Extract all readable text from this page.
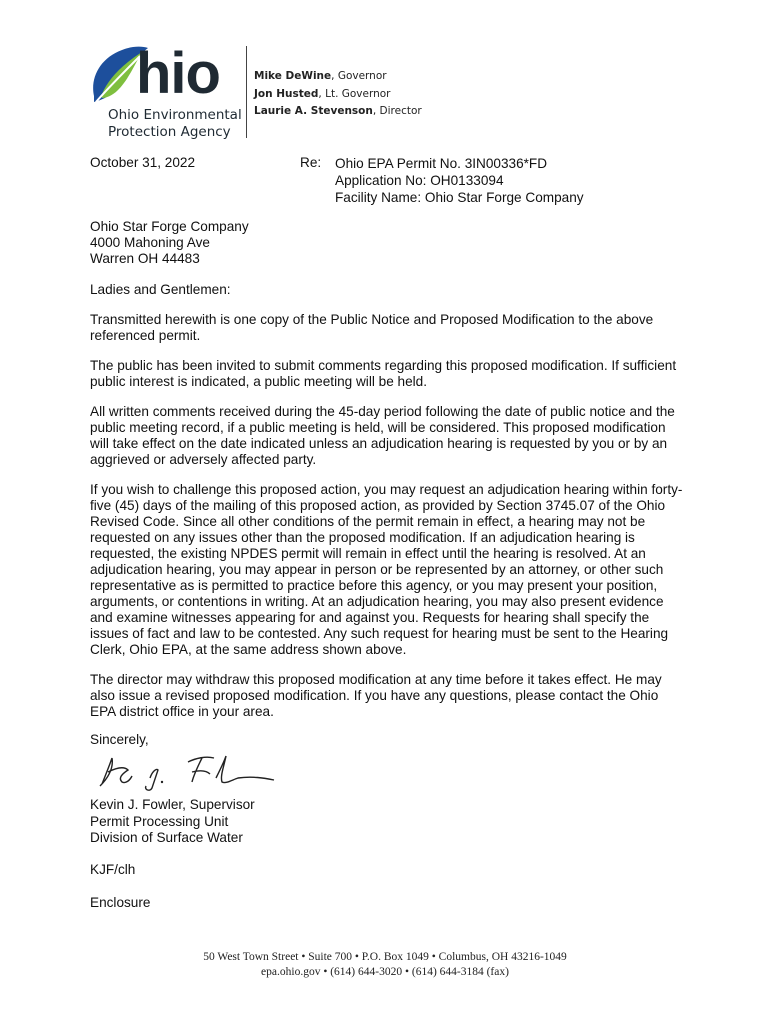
hio
Ohio Environmental
Protection Agency
Mike DeWine, Governor
Jon Husted, Lt. Governor
Laurie A. Stevenson, Director
October 31, 2022	Re: Ohio EPA Permit No. 3IN00336*FD
Application No: OH0133094
Facility Name: Ohio Star Forge Company
Ohio Star Forge Company
4000 Mahoning Ave
Warren OH 44483
Ladies and Gentlemen:

Transmitted herewith is one copy of the Public Notice and Proposed Modification to the above referenced permit.

The public has been invited to submit comments regarding this proposed modification. If sufficient public interest is indicated, a public meeting will be held.

All written comments received during the 45-day period following the date of public notice and the public meeting record, if a public meeting is held, will be considered. This proposed modification will take effect on the date indicated unless an adjudication hearing is requested by you or by an aggrieved or adversely affected party.

If you wish to challenge this proposed action, you may request an adjudication hearing within forty-five (45) days of the mailing of this proposed action, as provided by Section 3745.07 of the Ohio Revised Code. Since all other conditions of the permit remain in effect, a hearing may not be requested on any issues other than the proposed modification. If an adjudication hearing is requested, the existing NPDES permit will remain in effect until the hearing is resolved. At an adjudication hearing, you may appear in person or be represented by an attorney, or other such representative as is permitted to practice before this agency, or you may present your position, arguments, or contentions in writing. At an adjudication hearing, you may also present evidence and examine witnesses appearing for and against you. Requests for hearing shall specify the issues of fact and law to be contested. Any such request for hearing must be sent to the Hearing Clerk, Ohio EPA, at the same address shown above.

The director may withdraw this proposed modification at any time before it takes effect. He may also issue a revised proposed modification. If you have any questions, please contact the Ohio EPA district office in your area.

Sincerely,
Kevin J. Fowler, Supervisor
Permit Processing Unit
Division of Surface Water
KJF/clh
Enclosure
50 West Town Street • Suite 700 • P.O. Box 1049 • Columbus, OH 43216-1049
epa.ohio.gov • (614) 644-3020 • (614) 644-3184 (fax)
